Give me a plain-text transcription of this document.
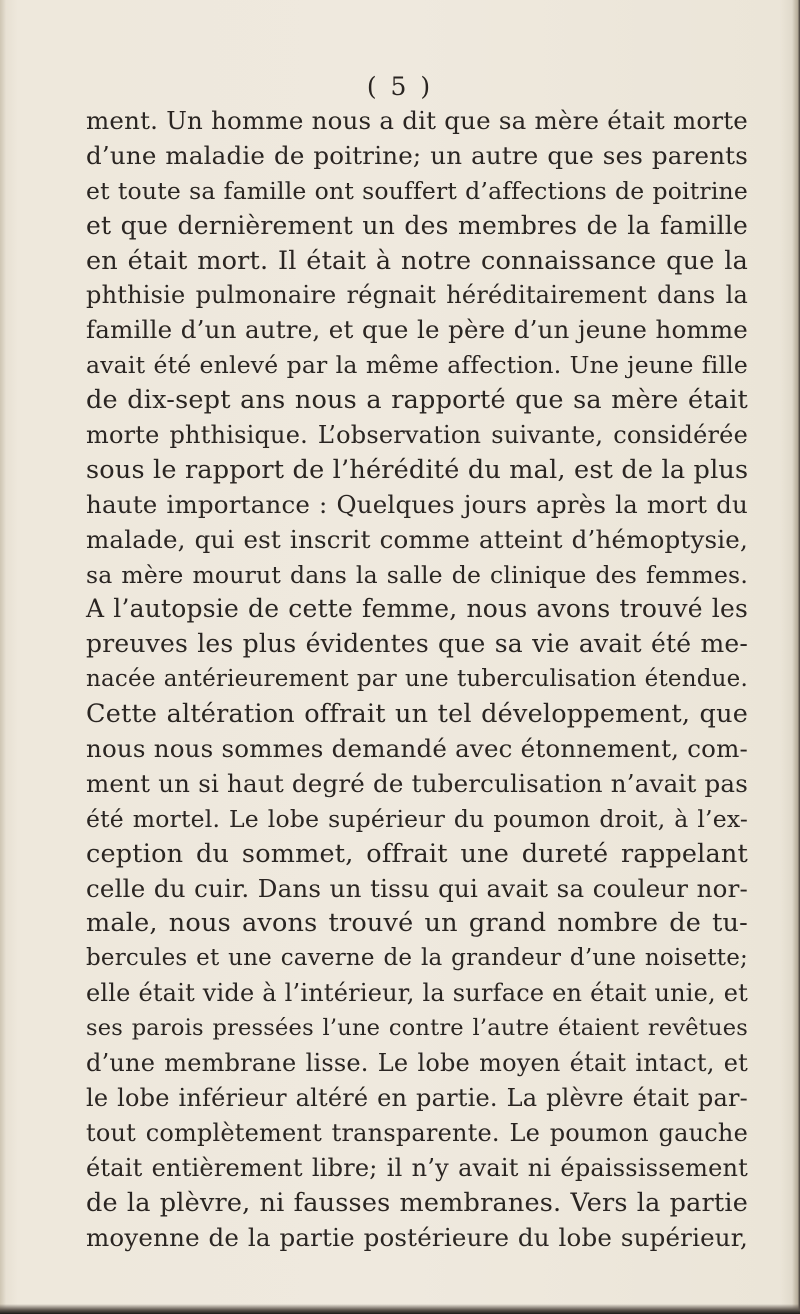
( 5 )
ment. Un homme nous a dit que sa mère était morte
d’une maladie de poitrine; un autre que ses parents
et toute sa famille ont souffert d’affections de poitrine
et que dernièrement un des membres de la famille
en était mort. Il était à notre connaissance que la
phthisie pulmonaire régnait héréditairement dans la
famille d’un autre, et que le père d’un jeune homme
avait été enlevé par la même affection. Une jeune fille
de dix-sept ans nous a rapporté que sa mère était
morte phthisique. L’observation suivante, considérée
sous le rapport de l’hérédité du mal, est de la plus
haute importance : Quelques jours après la mort du
malade, qui est inscrit comme atteint d’hémoptysie,
sa mère mourut dans la salle de clinique des femmes.
A l’autopsie de cette femme, nous avons trouvé les
preuves les plus évidentes que sa vie avait été me-
nacée antérieurement par une tuberculisation étendue.
Cette altération offrait un tel développement, que
nous nous sommes demandé avec étonnement, com-
ment un si haut degré de tuberculisation n’avait pas
été mortel. Le lobe supérieur du poumon droit, à l’ex-
ception du sommet, offrait une dureté rappelant
celle du cuir. Dans un tissu qui avait sa couleur nor-
male, nous avons trouvé un grand nombre de tu-
bercules et une caverne de la grandeur d’une noisette;
elle était vide à l’intérieur, la surface en était unie, et
ses parois pressées l’une contre l’autre étaient revêtues
d’une membrane lisse. Le lobe moyen était intact, et
le lobe inférieur altéré en partie. La plèvre était par-
tout complètement transparente. Le poumon gauche
était entièrement libre; il n’y avait ni épaississement
de la plèvre, ni fausses membranes. Vers la partie
moyenne de la partie postérieure du lobe supérieur,
